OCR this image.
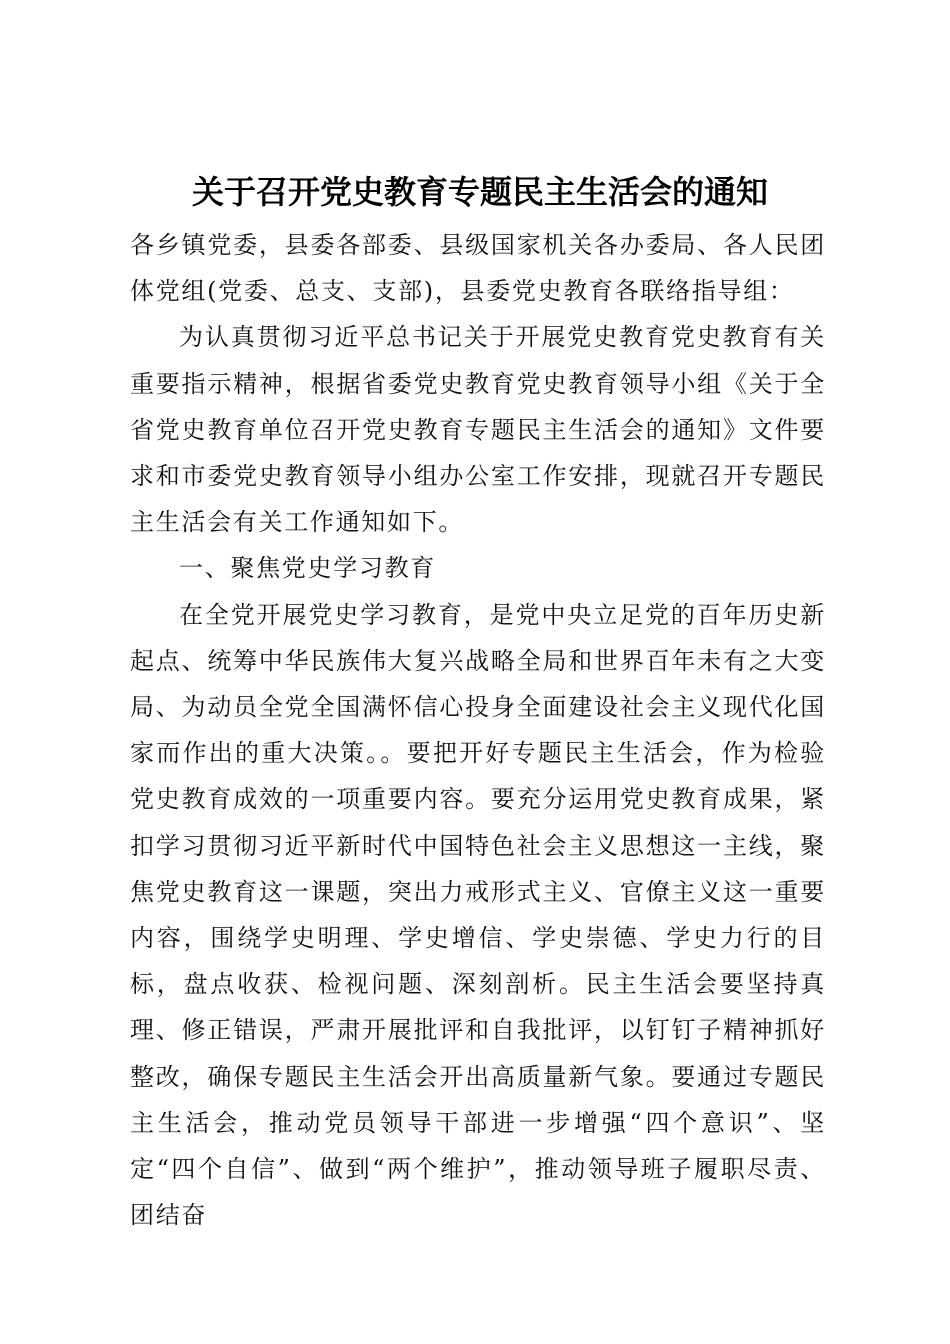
关于召开党史教育专题民主生活会的通知

各乡镇党委，县委各部委、县级国家机关各办委局、各人民团体党组(党委、总支、支部)，县委党史教育各联络指导组：

为认真贯彻习近平总书记关于开展党史教育党史教育有关重要指示精神，根据省委党史教育党史教育领导小组《关于全省党史教育单位召开党史教育专题民主生活会的通知》文件要求和市委党史教育领导小组办公室工作安排，现就召开专题民主生活会有关工作通知如下。

一、聚焦党史学习教育

在全党开展党史学习教育，是党中央立足党的百年历史新起点、统筹中华民族伟大复兴战略全局和世界百年未有之大变局、为动员全党全国满怀信心投身全面建设社会主义现代化国家而作出的重大决策。。要把开好专题民主生活会，作为检验党史教育成效的一项重要内容。要充分运用党史教育成果，紧扣学习贯彻习近平新时代中国特色社会主义思想这一主线，聚焦党史教育这一课题，突出力戒形式主义、官僚主义这一重要内容，围绕学史明理、学史增信、学史崇德、学史力行的目标，盘点收获、检视问题、深刻剖析。民主生活会要坚持真理、修正错误，严肃开展批评和自我批评，以钉钉子精神抓好整改，确保专题民主生活会开出高质量新气象。要通过专题民主生活会，推动党员领导干部进一步增强“四个意识”、坚定“四个自信”、做到“两个维护”，推动领导班子履职尽责、团结奋
